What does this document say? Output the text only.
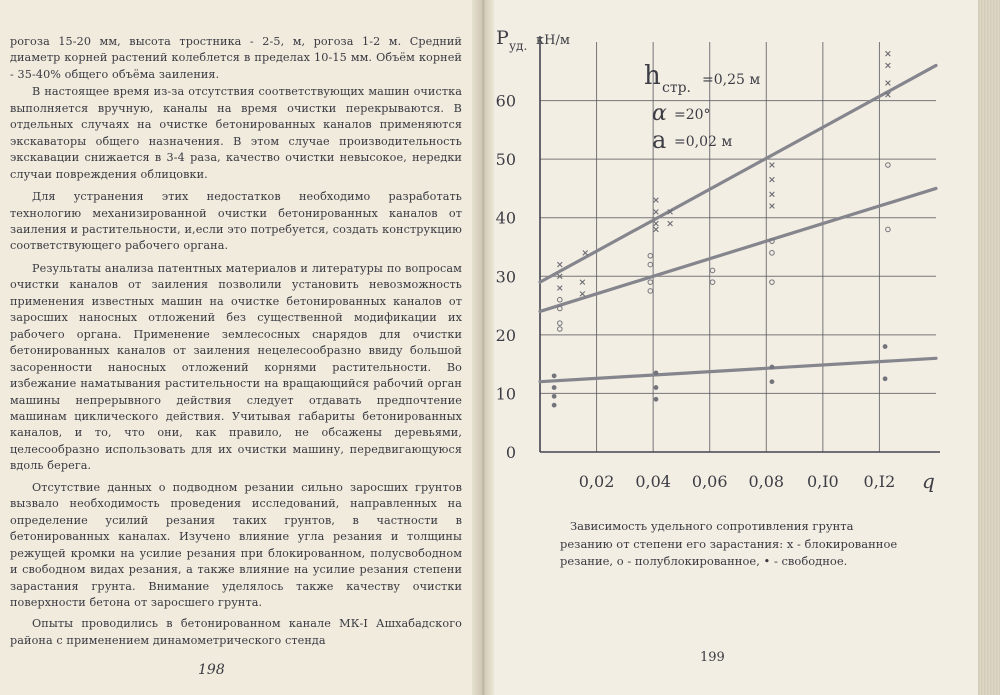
рогоза 15-20 мм, высота тростника - 2-5, м, рогоза 1-2 м. Средний диаметр корней растений колеблется в пределах 10-15 мм. Объём корней - 35-40% общего объёма заиления.

В настоящее время из-за отсутствия соответствующих машин очистка выполняется вручную, каналы на время очистки перекрываются. В отдельных случаях на очистке бетонированных каналов применяются экскаваторы общего назначения. В этом случае производительность экскавации снижается в 3-4 раза, качество очистки невысокое, нередки случаи повреждения облицовки.

Для устранения этих недостатков необходимо разработать технологию механизированной очистки бетонированных каналов от заиления и растительности, и,если это потребуется, создать конструкцию соответствующего рабочего органа.

Результаты анализа патентных материалов и литературы по вопросам очистки каналов от заиления позволили установить невозможность применения известных машин на очистке бетонированных каналов от заросших наносных отложений без существенной модификации их рабочего органа. Применение землесосных снарядов для очистки бетонированных каналов от заиления нецелесообразно ввиду большой засоренности наносных отложений корнями растительности. Во избежание наматывания растительности на вращающийся рабочий орган машины непрерывного действия следует отдавать предпочтение машинам циклического действия. Учитывая габариты бетонированных каналов, и то, что они, как правило, не обсажены деревьями, целесообразно использовать для их очистки машину, передвигающуюся вдоль берега.

Отсутствие данных о подводном резании сильно заросших грунтов вызвало необходимость проведения исследований, направленных на определение усилий резания таких грунтов, в частности в бетонированных каналах. Изучено влияние угла резания и толщины режущей кромки на усилие резания при блокированном, полусвободном и свободном видах резания, а также влияние на усилие резания степени зарастания грунта. Внимание уделялось также качеству очистки поверхности бетона от заросшего грунта.

Опыты проводились в бетонированном канале МК-I Ашхабадского района с применением динамометрического стенда

198
P уд. кН/м
0
10
20
30
40
50
60
0,02 0,04 0,06 0,08 0,I0 0,I2 q
h стр. =0,25 м
α =20°
a =0,02 м
Зависимость удельного сопротивления грунта
резанию от степени его зарастания: х - блокированное
резание, о - полублокированное, • - свободное.
199
